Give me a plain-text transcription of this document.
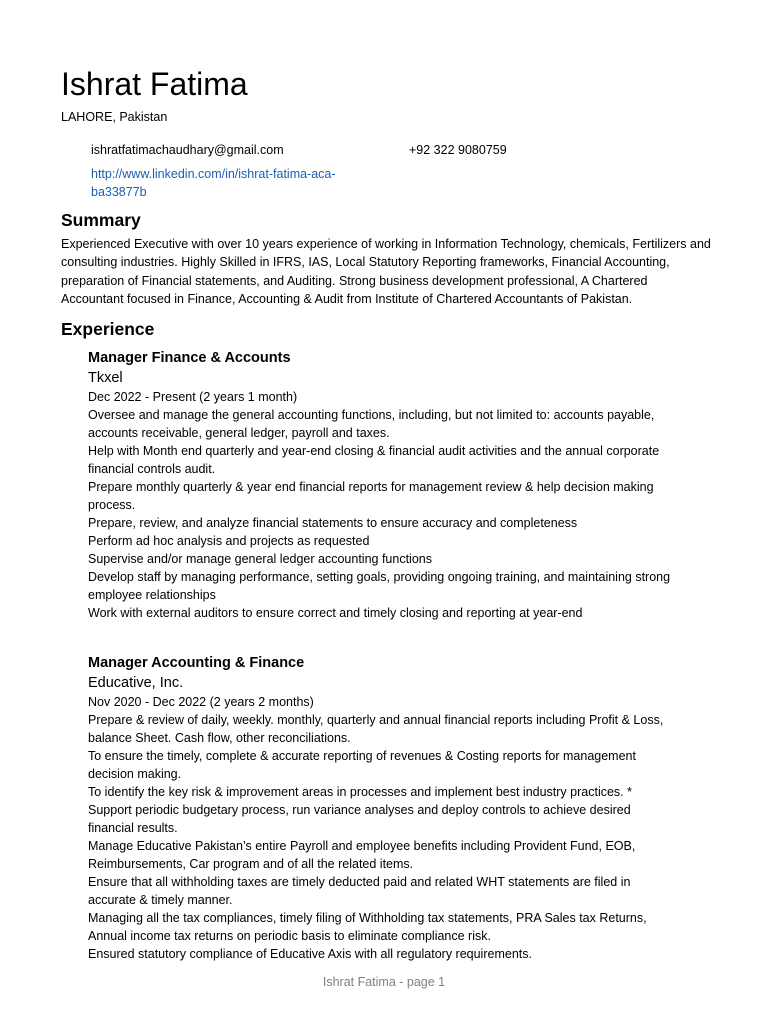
Ishrat Fatima
LAHORE, Pakistan
ishratfatimachaudhary@gmail.com	+92 322 9080759
http://www.linkedin.com/in/ishrat-fatima-aca-ba33877b
Summary

Experienced Executive with over 10 years experience of working in Information Technology, chemicals, Fertilizers and consulting industries. Highly Skilled in IFRS, IAS, Local Statutory Reporting frameworks, Financial Accounting, preparation of Financial statements, and Auditing. Strong business development professional, A Chartered Accountant focused in Finance, Accounting & Audit from Institute of Chartered Accountants of Pakistan.

Experience
Manager Finance & Accounts
Tkxel
Dec 2022 - Present (2 years 1 month)
Oversee and manage the general accounting functions, including, but not limited to: accounts payable, accounts receivable, general ledger, payroll and taxes.
Help with Month end quarterly and year-end closing & financial audit activities and the annual corporate financial controls audit.
Prepare monthly quarterly & year end financial reports for management review & help decision making process.
Prepare, review, and analyze financial statements to ensure accuracy and completeness
Perform ad hoc analysis and projects as requested
Supervise and/or manage general ledger accounting functions
Develop staff by managing performance, setting goals, providing ongoing training, and maintaining strong employee relationships
Work with external auditors to ensure correct and timely closing and reporting at year-end
Manager Accounting & Finance
Educative, Inc.
Nov 2020 - Dec 2022 (2 years 2 months)
Prepare & review of daily, weekly. monthly, quarterly and annual financial reports including Profit & Loss, balance Sheet. Cash flow, other reconciliations.
To ensure the timely, complete & accurate reporting of revenues & Costing reports for management decision making.
To identify the key risk & improvement areas in processes and implement best industry practices. *
Support periodic budgetary process, run variance analyses and deploy controls to achieve desired financial results.
Manage Educative Pakistan’s entire Payroll and employee benefits including Provident Fund, EOB, Reimbursements, Car program and of all the related items.
Ensure that all withholding taxes are timely deducted paid and related WHT statements are filed in accurate & timely manner.
Managing all the tax compliances, timely filing of Withholding tax statements, PRA Sales tax Returns, Annual income tax returns on periodic basis to eliminate compliance risk.
Ensured statutory compliance of Educative Axis with all regulatory requirements.
Ishrat Fatima - page 1
